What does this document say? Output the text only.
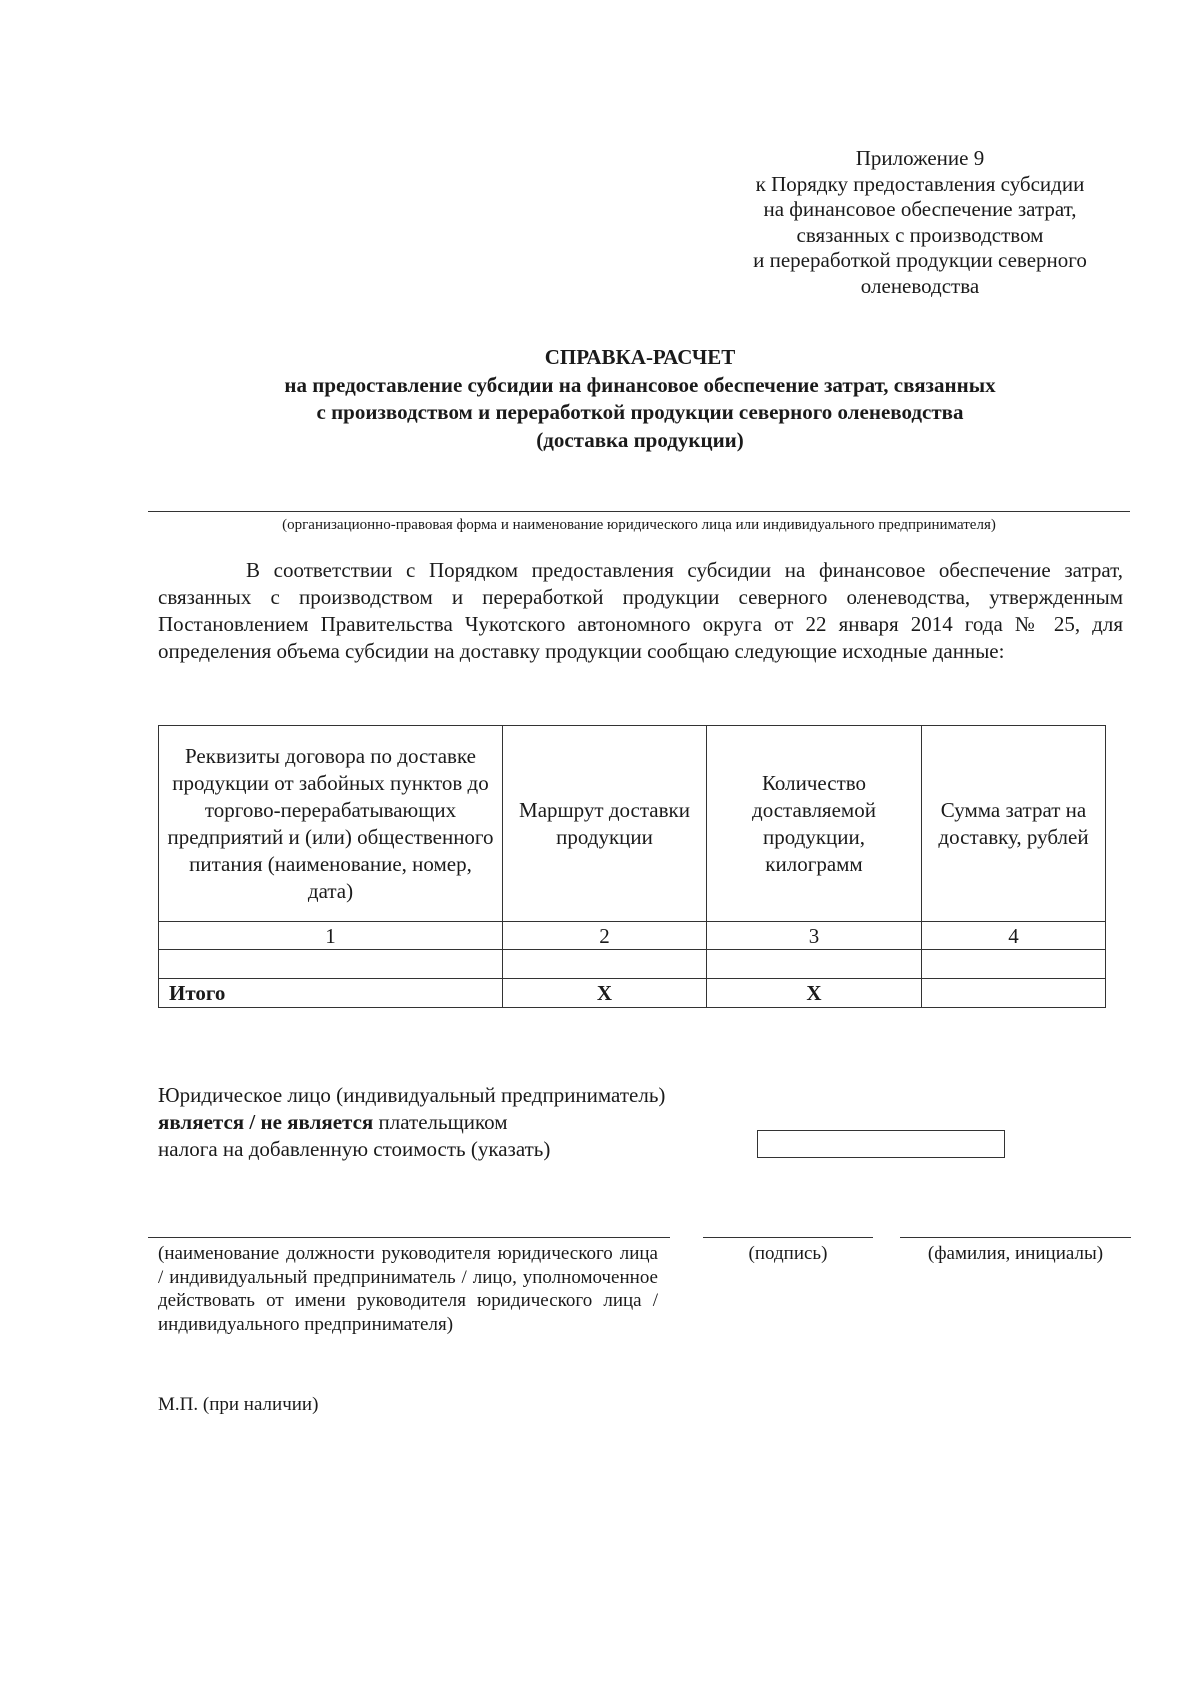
Приложение 9
к Порядку предоставления субсидии
на финансовое обеспечение затрат,
связанных с производством
и переработкой продукции северного
оленеводства
СПРАВКА-РАСЧЕТ
на предоставление субсидии на финансовое обеспечение затрат, связанных
с производством и переработкой продукции северного оленеводства
(доставка продукции)
(организационно-правовая форма и наименование юридического лица или индивидуального предпринимателя)
В соответствии с Порядком предоставления субсидии на финансовое обеспечение затрат, связанных с производством и переработкой продукции северного оленеводства, утвержденным Постановлением Правительства Чукотского автономного округа от 22 января 2014 года № 25, для определения объема субсидии на доставку продукции сообщаю следующие исходные данные:
Реквизиты договора по доставке продукции от забойных пунктов до торгово-перерабатывающих предприятий и (или) общественного питания (наименование, номер, дата)	Маршрут доставки продукции	Количество доставляемой продукции, килограмм	Сумма затрат на доставку, рублей
1	2	3	4

Итого	Х	Х	
Юридическое лицо (индивидуальный предприниматель)
является / не является плательщиком
налога на добавленную стоимость (указать)
(наименование должности руководителя юридического лица / индивидуальный предприниматель / лицо, уполномоченное действовать от имени руководителя юридического лица / индивидуального предпринимателя)
(подпись)	(фамилия, инициалы)
М.П. (при наличии)
